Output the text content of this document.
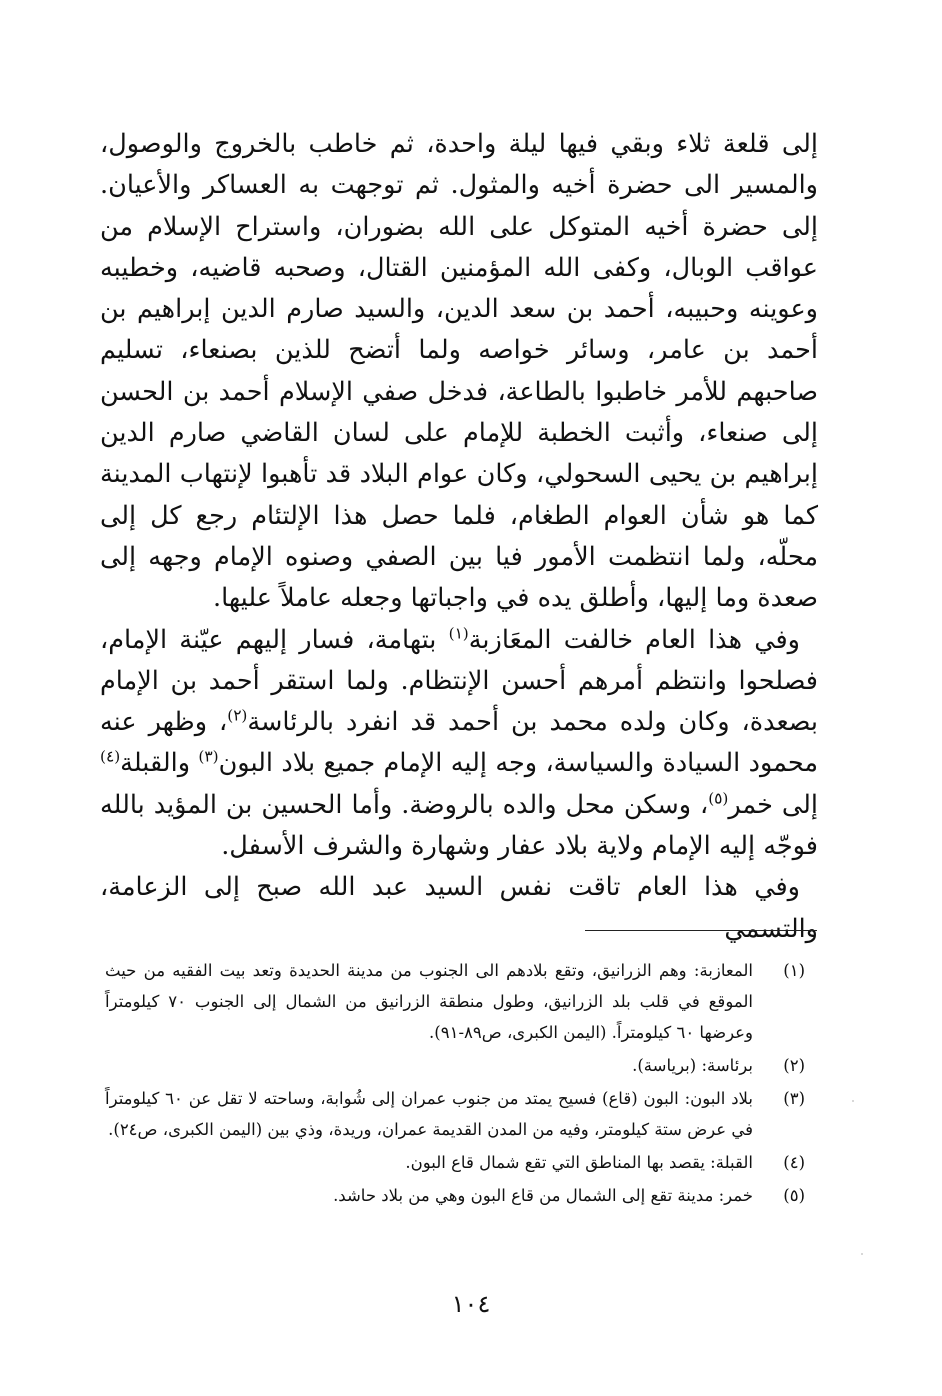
إلى قلعة ثلاء وبقي فيها ليلة واحدة، ثم خاطب بالخروج والوصول، والمسير الى حضرة أخيه والمثول. ثم توجهت به العساكر والأعيان. إلى حضرة أخيه المتوكل على الله بضوران، واستراح الإسلام من عواقب الوبال، وكفى الله المؤمنين القتال، وصحبه قاضيه، وخطيبه وعوينه وحبيبه، أحمد بن سعد الدين، والسيد صارم الدين إبراهيم بن أحمد بن عامر، وسائر خواصه ولما أتضح للذين بصنعاء، تسليم صاحبهم للأمر خاطبوا بالطاعة، فدخل صفي الإسلام أحمد بن الحسن إلى صنعاء، وأثبت الخطبة للإمام على لسان القاضي صارم الدين إبراهيم بن يحيى السحولي، وكان عوام البلاد قد تأهبوا لإنتهاب المدينة كما هو شأن العوام الطغام، فلما حصل هذا الإلتئام رجع كل إلى محلّه، ولما انتظمت الأمور فيا بين الصفي وصنوه الإمام وجهه إلى صعدة وما إليها، وأطلق يده في واجباتها وجعله عاملاً عليها.

وفي هذا العام خالفت المعَازبة$^{(١)}$ بتهامة، فسار إليهم عيّنة الإمام، فصلحوا وانتظم أمرهم أحسن الإنتظام. ولما استقر أحمد بن الإمام بصعدة، وكان ولده محمد بن أحمد قد انفرد بالرئاسة$^{(٢)}$، وظهر عنه محمود السيادة والسياسة، وجه إليه الإمام جميع بلاد البون$^{(٣)}$ والقبلة$^{(٤)}$ إلى خمر$^{(٥)}$، وسكن محل والده بالروضة. وأما الحسين بن المؤيد بالله فوجّه إليه الإمام ولاية بلاد عفار وشهارة والشرف الأسفل.

وفي هذا العام تاقت نفس السيد عبد الله صبح إلى الزعامة، والتسمي

(١)
المعازبة: وهم الزرانيق، وتقع بلادهم الى الجنوب من مدينة الحديدة وتعد بيت الفقيه من حيث الموقع في قلب بلد الزرانيق، وطول منطقة الزرانيق من الشمال إلى الجنوب ٧٠ كيلومتراً وعرضها ٦٠ كيلومتراً. (اليمن الكبرى، ص٨٩-٩١).
(٢)
برئاسة: (برياسة).
(٣)
بلاد البون: البون (قاع) فسيح يمتد من جنوب عمران إلى شُوابة، وساحته لا تقل عن ٦٠ كيلومتراً في عرض ستة كيلومتر، وفيه من المدن القديمة عمران، وريدة، وذي بين (اليمن الكبرى، ص٢٤).
(٤)
القبلة: يقصد بها المناطق التي تقع شمال قاع البون.
(٥)
خمر: مدينة تقع إلى الشمال من قاع البون وهي من بلاد حاشد.
١٠٤
